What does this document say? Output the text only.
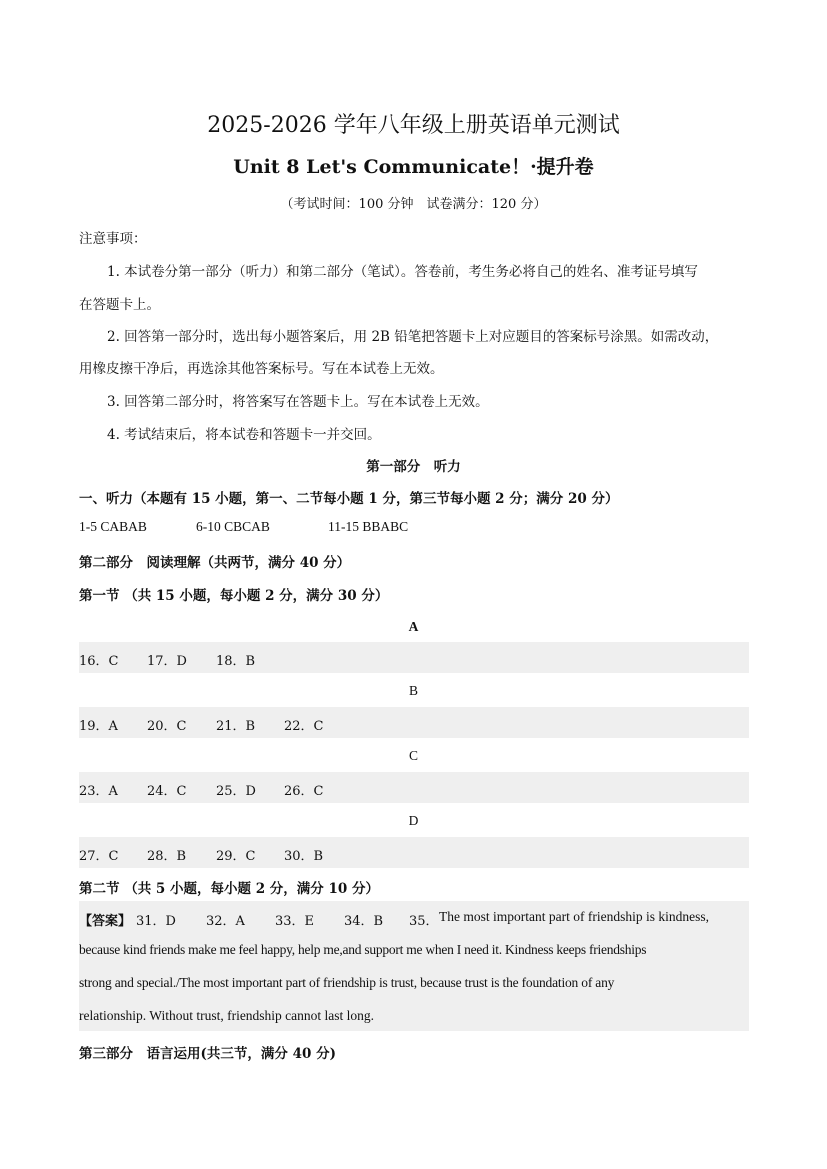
2025-2026 学年八年级上册英语单元测试
Unit 8 Let's Communicate！·提升卷
（考试时间：100 分钟　试卷满分：120 分）
注意事项：
1. 本试卷分第一部分（听力）和第二部分（笔试）。答卷前，考生务必将自己的姓名、准考证号填写
在答题卡上。
2. 回答第一部分时，选出每小题答案后，用 2B 铅笔把答题卡上对应题目的答案标号涂黑。如需改动，
用橡皮擦干净后，再选涂其他答案标号。写在本试卷上无效。
3. 回答第二部分时，将答案写在答题卡上。写在本试卷上无效。
4. 考试结束后，将本试卷和答题卡一并交回。
第一部分　听力
一、听力（本题有 15 小题，第一、二节每小题 1 分，第三节每小题 2 分；满分 20 分）
1-5 CABAB	6-10 CBCAB	11-15 BBABC
第二部分　阅读理解（共两节，满分 40 分）
第一节 （共 15 小题，每小题 2 分，满分 30 分）
A
16．C 17．D 18．B
B
19．A 20．C 21．B 22．C
C
23．A 24．C 25．D 26．C
D
27．C 28．B 29．C 30．B
第二节 （共 5 小题，每小题 2 分，满分 10 分）
【答案】 31．D 32．A 33．E 34．B 35． The most important part of friendship is kindness,
because kind friends make me feel happy, help me,and support me when I need it. Kindness keeps friendships
strong and special./The most important part of friendship is trust, because trust is the foundation of any
relationship. Without trust, friendship cannot last long.
第三部分　语言运用(共三节，满分 40 分)
